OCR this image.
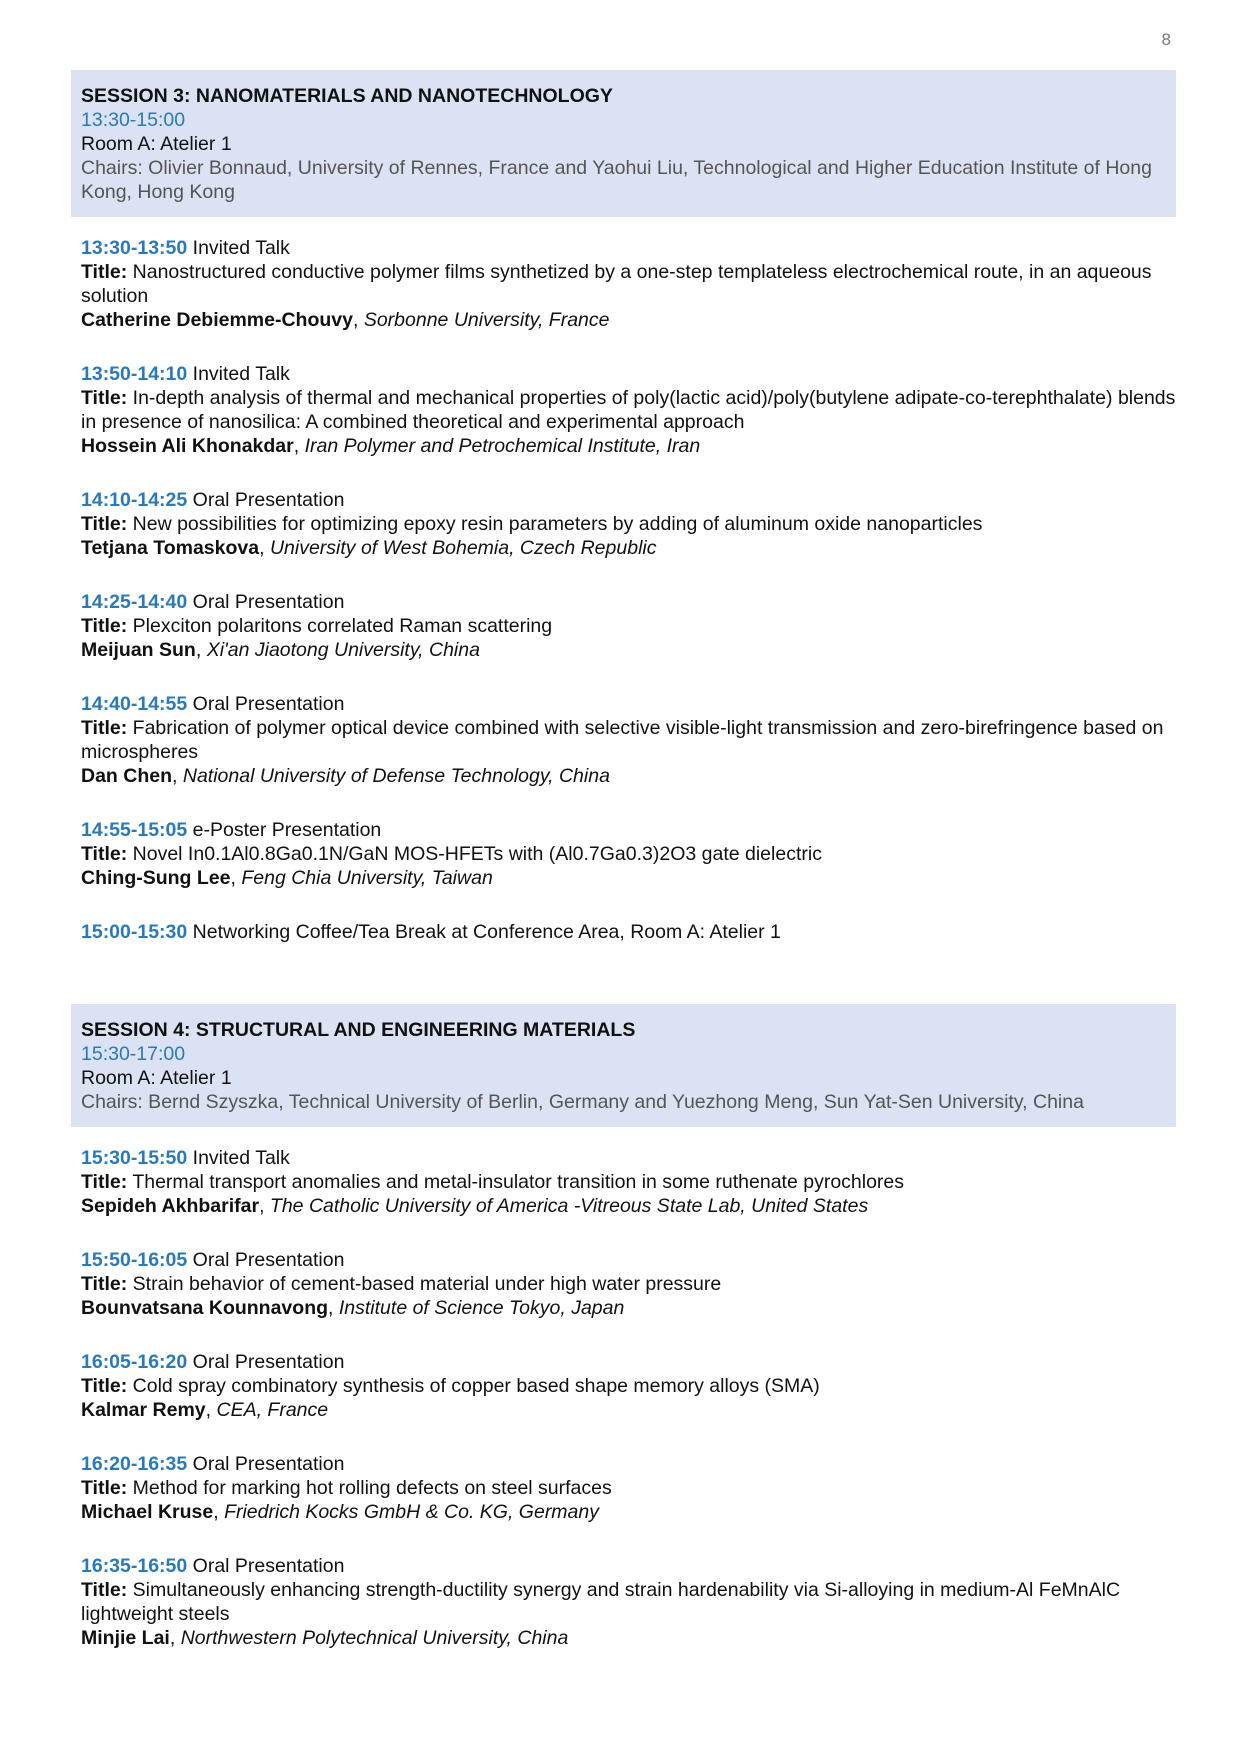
8
SESSION 3: NANOMATERIALS AND NANOTECHNOLOGY
13:30-15:00
Room A: Atelier 1
Chairs: Olivier Bonnaud, University of Rennes, France and Yaohui Liu, Technological and Higher Education Institute of Hong Kong, Hong Kong
13:30-13:50 Invited Talk
Title: Nanostructured conductive polymer films synthetized by a one-step templateless electrochemical route, in an aqueous solution
Catherine Debiemme-Chouvy, Sorbonne University, France
13:50-14:10 Invited Talk
Title: In-depth analysis of thermal and mechanical properties of poly(lactic acid)/poly(butylene adipate-co-terephthalate) blends in presence of nanosilica: A combined theoretical and experimental approach
Hossein Ali Khonakdar, Iran Polymer and Petrochemical Institute, Iran
14:10-14:25 Oral Presentation
Title: New possibilities for optimizing epoxy resin parameters by adding of aluminum oxide nanoparticles
Tetjana Tomaskova, University of West Bohemia, Czech Republic
14:25-14:40 Oral Presentation
Title: Plexciton polaritons correlated Raman scattering
Meijuan Sun, Xi'an Jiaotong University, China
14:40-14:55 Oral Presentation
Title: Fabrication of polymer optical device combined with selective visible-light transmission and zero-birefringence based on microspheres
Dan Chen, National University of Defense Technology, China
14:55-15:05 e-Poster Presentation
Title: Novel In0.1Al0.8Ga0.1N/GaN MOS-HFETs with (Al0.7Ga0.3)2O3 gate dielectric
Ching-Sung Lee, Feng Chia University, Taiwan
15:00-15:30 Networking Coffee/Tea Break at Conference Area, Room A: Atelier 1
SESSION 4: STRUCTURAL AND ENGINEERING MATERIALS
15:30-17:00
Room A: Atelier 1
Chairs: Bernd Szyszka, Technical University of Berlin, Germany and Yuezhong Meng, Sun Yat-Sen University, China
15:30-15:50 Invited Talk
Title: Thermal transport anomalies and metal-insulator transition in some ruthenate pyrochlores
Sepideh Akhbarifar, The Catholic University of America -Vitreous State Lab, United States
15:50-16:05 Oral Presentation
Title: Strain behavior of cement-based material under high water pressure
Bounvatsana Kounnavong, Institute of Science Tokyo, Japan
16:05-16:20 Oral Presentation
Title: Cold spray combinatory synthesis of copper based shape memory alloys (SMA)
Kalmar Remy, CEA, France
16:20-16:35 Oral Presentation
Title: Method for marking hot rolling defects on steel surfaces
Michael Kruse, Friedrich Kocks GmbH & Co. KG, Germany
16:35-16:50 Oral Presentation
Title: Simultaneously enhancing strength-ductility synergy and strain hardenability via Si-alloying in medium-Al FeMnAlC lightweight steels
Minjie Lai, Northwestern Polytechnical University, China
